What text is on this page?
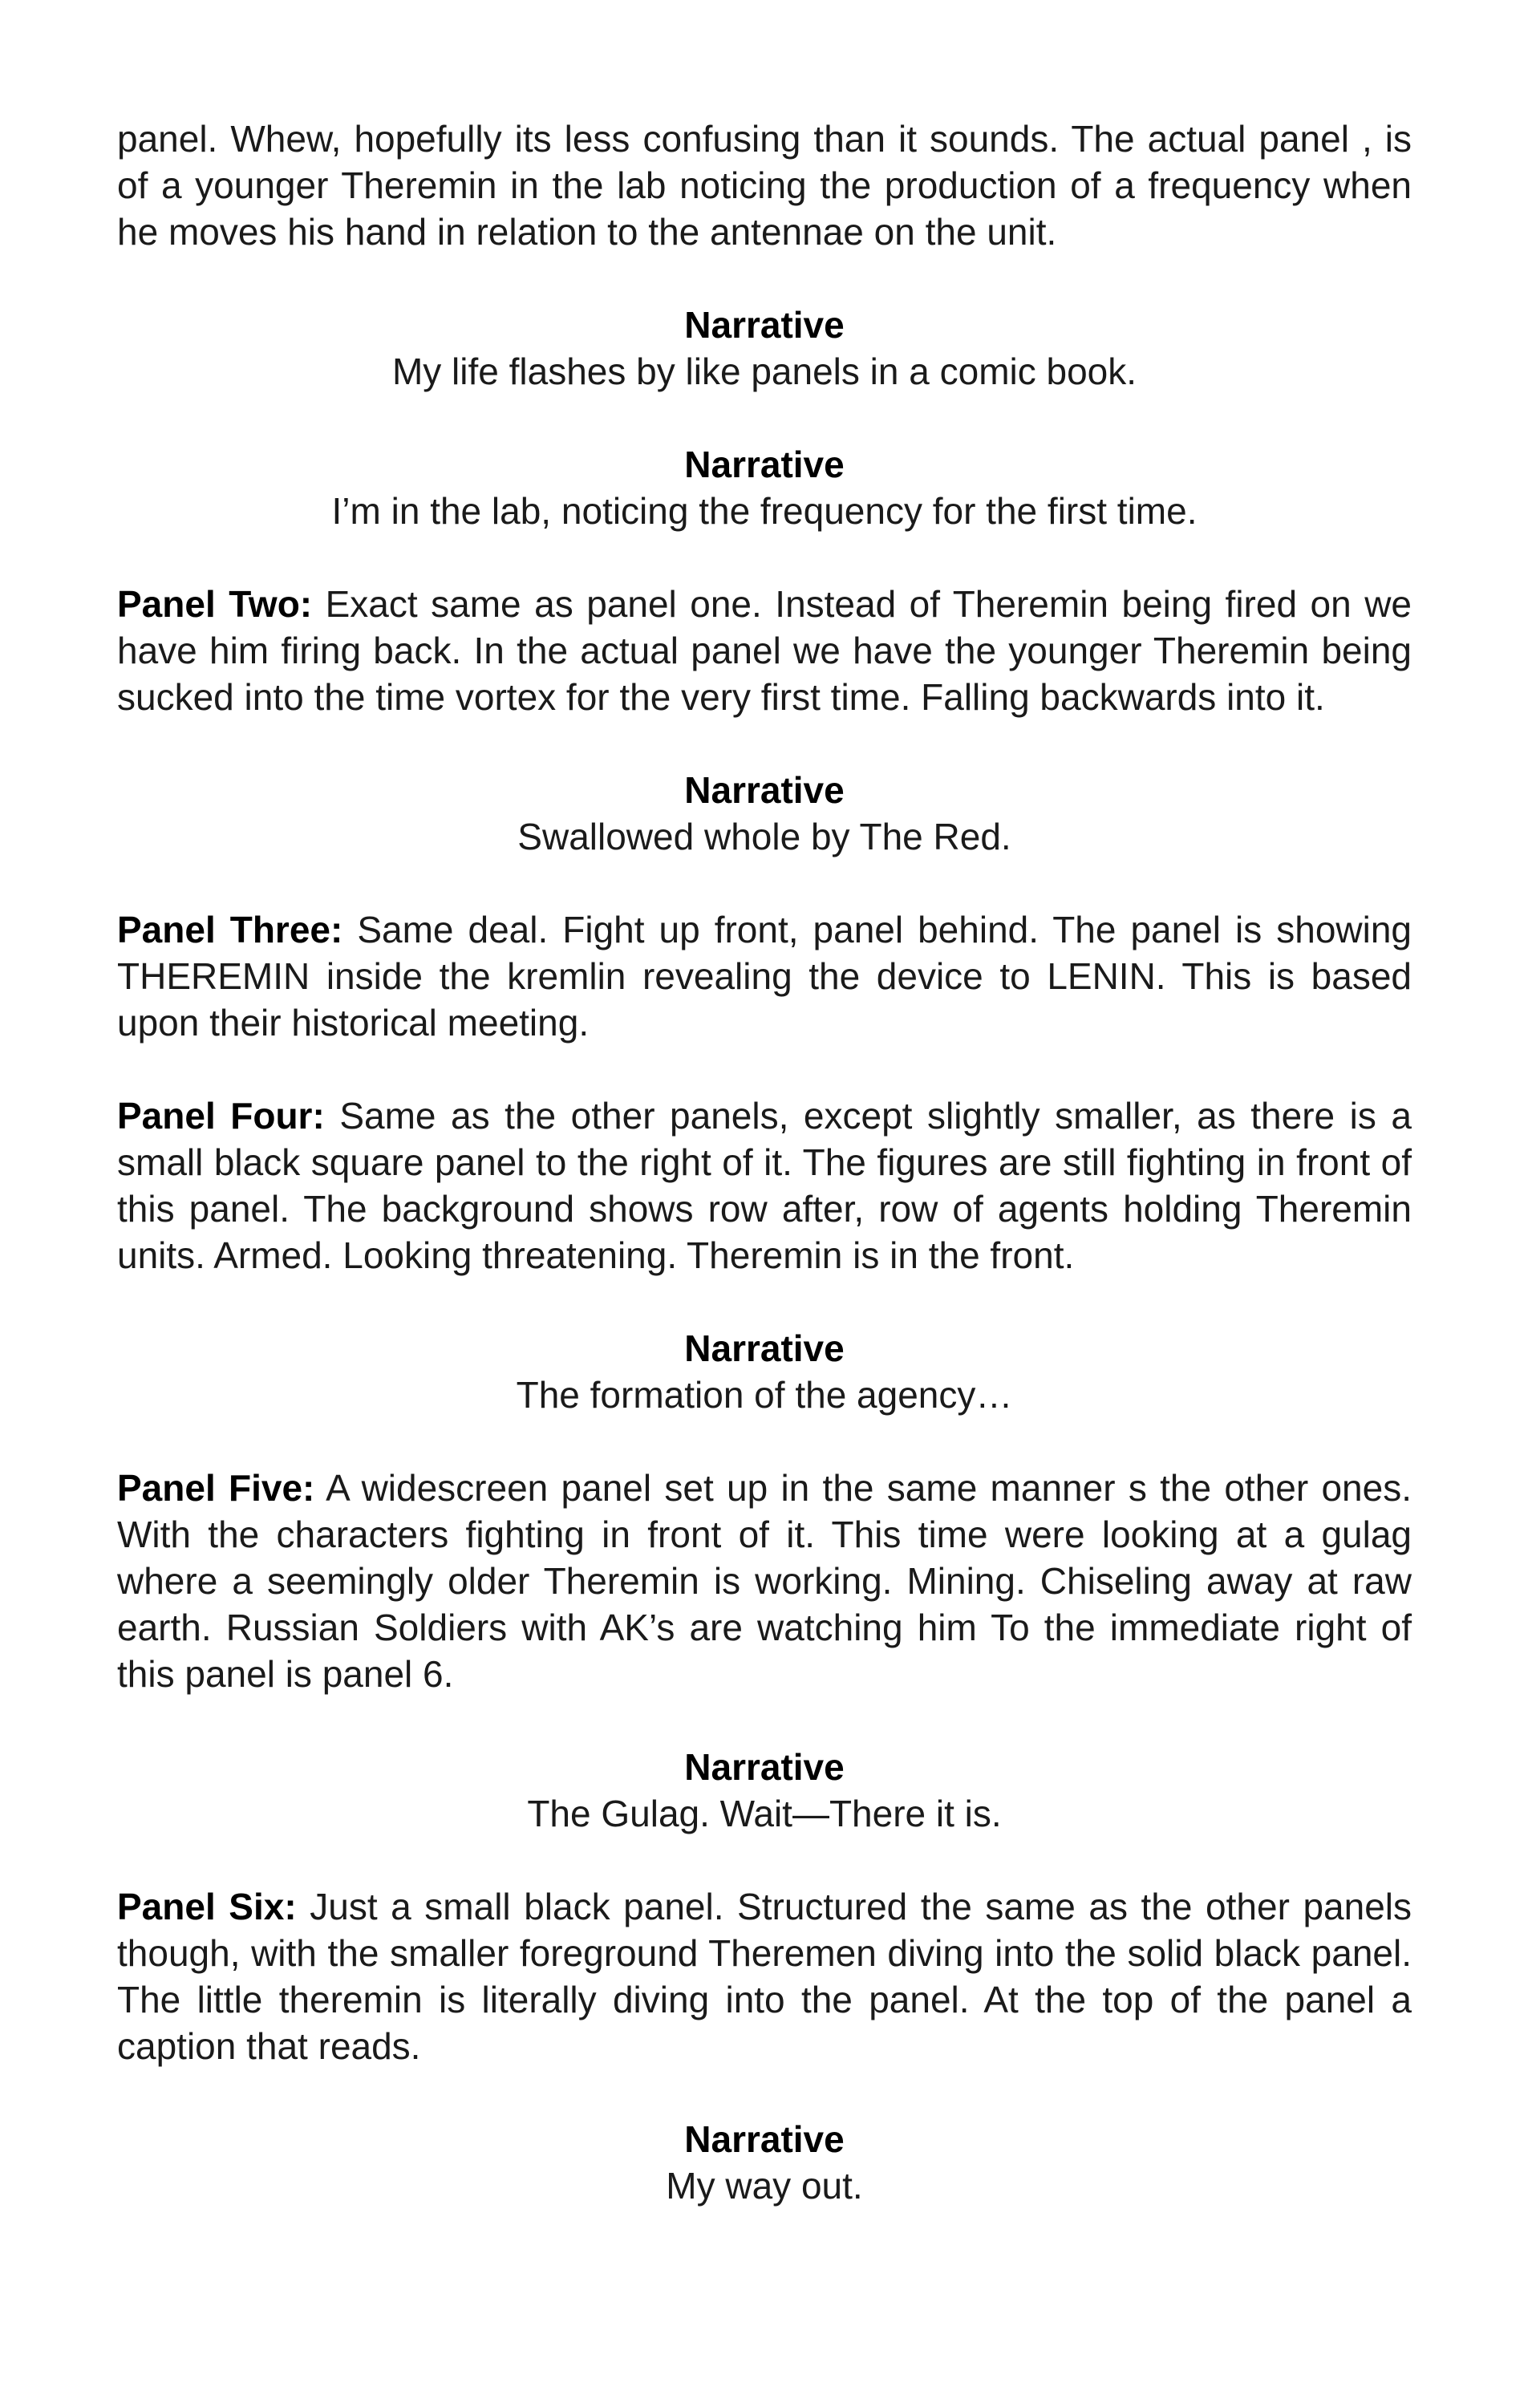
panel. Whew, hopefully its less confusing than it sounds. The actual panel , is of a younger Theremin in the lab noticing the production of a frequency when he moves his hand in relation to the antennae on the unit.

Narrative
My life flashes by like panels in a comic book.
Narrative
I’m in the lab, noticing the frequency for the first time.

Panel Two: Exact same as panel one. Instead of Theremin being fired on we have him firing back. In the actual panel we have the younger Theremin being sucked into the time vortex for the very first time. Falling backwards into it.

Narrative
Swallowed whole by The Red.

Panel Three: Same deal. Fight up front, panel behind. The panel is showing THEREMIN inside the kremlin revealing the device to LENIN. This is based upon their historical meeting.

Panel Four: Same as the other panels, except slightly smaller, as there is a small black square panel to the right of it. The figures are still fighting in front of this panel. The background shows row after, row of agents holding Theremin units. Armed. Looking threatening. Theremin is in the front.

Narrative
The formation of the agency…

Panel Five: A widescreen panel set up in the same manner s the other ones. With the characters fighting in front of it. This time were looking at a gulag where a seemingly older Theremin is working. Mining. Chiseling away at raw earth. Russian Soldiers with AK’s are watching him To the immediate right of this panel is panel 6.

Narrative
The Gulag. Wait—There it is.

Panel Six: Just a small black panel. Structured the same as the other panels though, with the smaller foreground Theremen diving into the solid black panel. The little theremin is literally diving into the panel. At the top of the panel a caption that reads.

Narrative
My way out.
